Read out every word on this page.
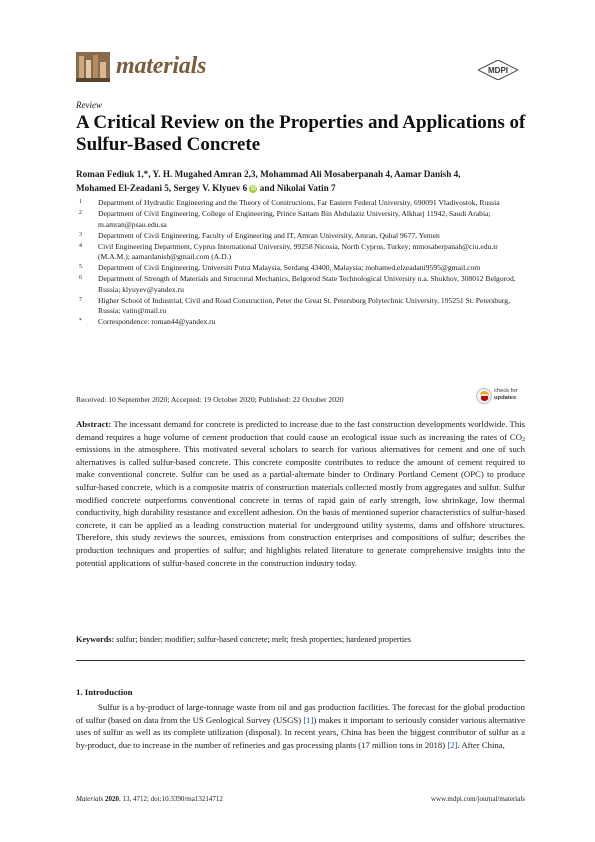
materials	MDPI
Review
A Critical Review on the Properties and Applications of Sulfur-Based Concrete
Roman Fediuk 1,*, Y. H. Mugahed Amran 2,3, Mohammad Ali Mosaberpanah 4, Aamar Danish 4,
Mohamed El-Zeadani 5, Sergey V. Klyuev 6 iD and Nikolai Vatin 7
1	Department of Hydraulic Engineering and the Theory of Constructions, Far Eastern Federal University, 690091 Vladivostok, Russia
2	Department of Civil Engineering, College of Engineering, Prince Sattam Bin Abdulaziz University, Alkharj 11942, Saudi Arabia; m.amran@psau.edu.sa
3	Department of Civil Engineering, Faculty of Engineering and IT, Amran University, Amran, Quhal 9677, Yemen
4	Civil Engineering Department, Cyprus International University, 99258 Nicosia, North Cyprus, Turkey; mmosaberpanah@ciu.edu.tr (M.A.M.); aamardanish@gmail.com (A.D.)
5	Department of Civil Engineering, Universiti Putra Malaysia, Serdang 43400, Malaysia; mohamed.elzeadani9595@gmail.com
6	Department of Strength of Materials and Structural Mechanics, Belgorod State Technological University n.a. Shukhov, 308012 Belgorod, Russia; klyuyev@yandex.ru
7	Higher School of Industrial, Civil and Road Construction, Peter the Great St. Petersburg Polytechnic University, 195251 St. Petersburg, Russia; vatin@mail.ru
*	Correspondence: roman44@yandex.ru
check for
updates
Received: 10 September 2020; Accepted: 19 October 2020; Published: 22 October 2020
Abstract: The incessant demand for concrete is predicted to increase due to the fast construction developments worldwide. This demand requires a huge volume of cement production that could cause an ecological issue such as increasing the rates of $CO_2$ emissions in the atmosphere. This motivated several scholars to search for various alternatives for cement and one of such alternatives is called sulfur-based concrete. This concrete composite contributes to reduce the amount of cement required to make conventional concrete. Sulfur can be used as a partial-alternate binder to Ordinary Portland Cement (OPC) to produce sulfur-based concrete, which is a composite matrix of construction materials collected mostly from aggregates and sulfur. Sulfur modified concrete outperforms conventional concrete in terms of rapid gain of early strength, low shrinkage, low thermal conductivity, high durability resistance and excellent adhesion. On the basis of mentioned superior characteristics of sulfur-based concrete, it can be applied as a leading construction material for underground utility systems, dams and offshore structures. Therefore, this study reviews the sources, emissions from construction enterprises and compositions of sulfur; describes the production techniques and properties of sulfur; and highlights related literature to generate comprehensive insights into the potential applications of sulfur-based concrete in the construction industry today.
Keywords: sulfur; binder; modifier; sulfur-based concrete; melt; fresh properties; hardened properties
1. Introduction
Sulfur is a by-product of large-tonnage waste from oil and gas production facilities. The forecast for the global production of sulfur (based on data from the US Geological Survey (USGS) [1]) makes it important to seriously consider various alternative uses of sulfur as well as its complete utilization (disposal). In recent years, China has been the biggest contributor of sulfur as a by-product, due to increase in the number of refineries and gas processing plants (17 million tons in 2018) [2]. After China,
Materials 2020, 13, 4712; doi:10.3390/ma13214712	www.mdpi.com/journal/materials
